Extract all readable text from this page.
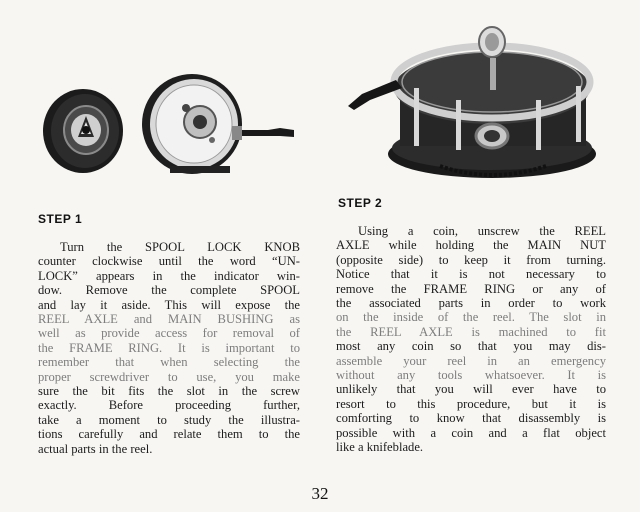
STEP 1
STEP 2
Turn the SPOOL LOCK KNOB
counter clockwise until the word “UN-
LOCK” appears in the indicator win-
dow. Remove the complete SPOOL
and lay it aside. This will expose the
REEL AXLE and MAIN BUSHING as
well as provide access for removal of
the FRAME RING. It is important to
remember that when selecting the
proper screwdriver to use, you make
sure the bit fits the slot in the screw
exactly. Before proceeding further,
take a moment to study the illustra-
tions carefully and relate them to the
actual parts in the reel.
Using a coin, unscrew the REEL
AXLE while holding the MAIN NUT
(opposite side) to keep it from turning.
Notice that it is not necessary to
remove the FRAME RING or any of
the associated parts in order to work
on the inside of the reel. The slot in
the REEL AXLE is machined to fit
most any coin so that you may dis-
assemble your reel in an emergency
without any tools whatsoever. It is
unlikely that you will ever have to
resort to this procedure, but it is
comforting to know that disassembly is
possible with a coin and a flat object
like a knifeblade.
32
